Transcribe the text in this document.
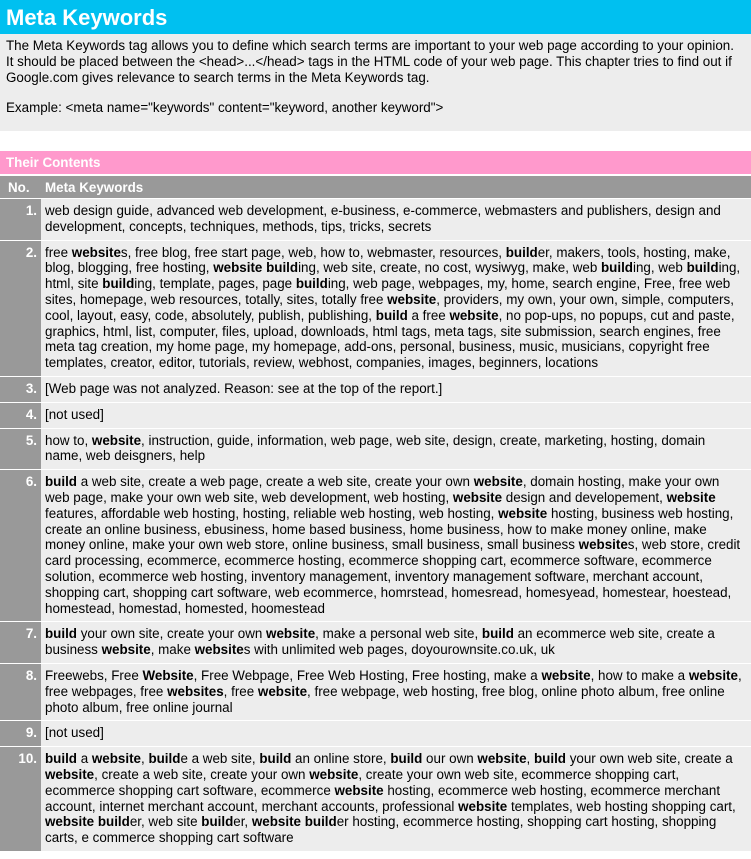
Meta Keywords

The Meta Keywords tag allows you to define which search terms are important to your web page according to your opinion. It should be placed between the <head>...</head> tags in the HTML code of your web page. This chapter tries to find out if Google.com gives relevance to search terms in the Meta Keywords tag.

Example: <meta name="keywords" content="keyword, another keyword">

Their Contents
No.	Meta Keywords
1.	web design guide, advanced web development, e-business, e-commerce, webmasters and publishers, design and development, concepts, techniques, methods, tips, tricks, secrets
2.	free websites, free blog, free start page, web, how to, webmaster, resources, builder, makers, tools, hosting, make, blog, blogging, free hosting, website building, web site, create, no cost, wysiwyg, make, web building, web building, html, site building, template, pages, page building, web page, webpages, my, home, search engine, Free, free web sites, homepage, web resources, totally, sites, totally free website, providers, my own, your own, simple, computers, cool, layout, easy, code, absolutely, publish, publishing, build a free website, no pop-ups, no popups, cut and paste, graphics, html, list, computer, files, upload, downloads, html tags, meta tags, site submission, search engines, free meta tag creation, my home page, my homepage, add-ons, personal, business, music, musicians, copyright free templates, creator, editor, tutorials, review, webhost, companies, images, beginners, locations
3.	[Web page was not analyzed. Reason: see at the top of the report.]
4.	[not used]
5.	how to, website, instruction, guide, information, web page, web site, design, create, marketing, hosting, domain name, web deisgners, help
6.	build a web site, create a web page, create a web site, create your own website, domain hosting, make your own web page, make your own web site, web development, web hosting, website design and developement, website features, affordable web hosting, hosting, reliable web hosting, web hosting, website hosting, business web hosting, create an online business, ebusiness, home based business, home business, how to make money online, make money online, make your own web store, online business, small business, small business websites, web store, credit card processing, ecommerce, ecommerce hosting, ecommerce shopping cart, ecommerce software, ecommerce solution, ecommerce web hosting, inventory management, inventory management software, merchant account, shopping cart, shopping cart software, web ecommerce, homrstead, homesread, homesyead, homestear, hoestead, homestead, homestad, homested, hoomestead
7.	build your own site, create your own website, make a personal web site, build an ecommerce web site, create a business website, make websites with unlimited web pages, doyourownsite.co.uk, uk
8.	Freewebs, Free Website, Free Webpage, Free Web Hosting, Free hosting, make a website, how to make a website, free webpages, free websites, free website, free webpage, web hosting, free blog, online photo album, free online photo album, free online journal
9.	[not used]
10.	build a website, builde a web site, build an online store, build our own website, build your own web site, create a website, create a web site, create your own website, create your own web site, ecommerce shopping cart, ecommerce shopping cart software, ecommerce website hosting, ecommerce web hosting, ecommerce merchant account, internet merchant account, merchant accounts, professional website templates, web hosting shopping cart, website builder, web site builder, website builder hosting, ecommerce hosting, shopping cart hosting, shopping carts, e commerce shopping cart software
